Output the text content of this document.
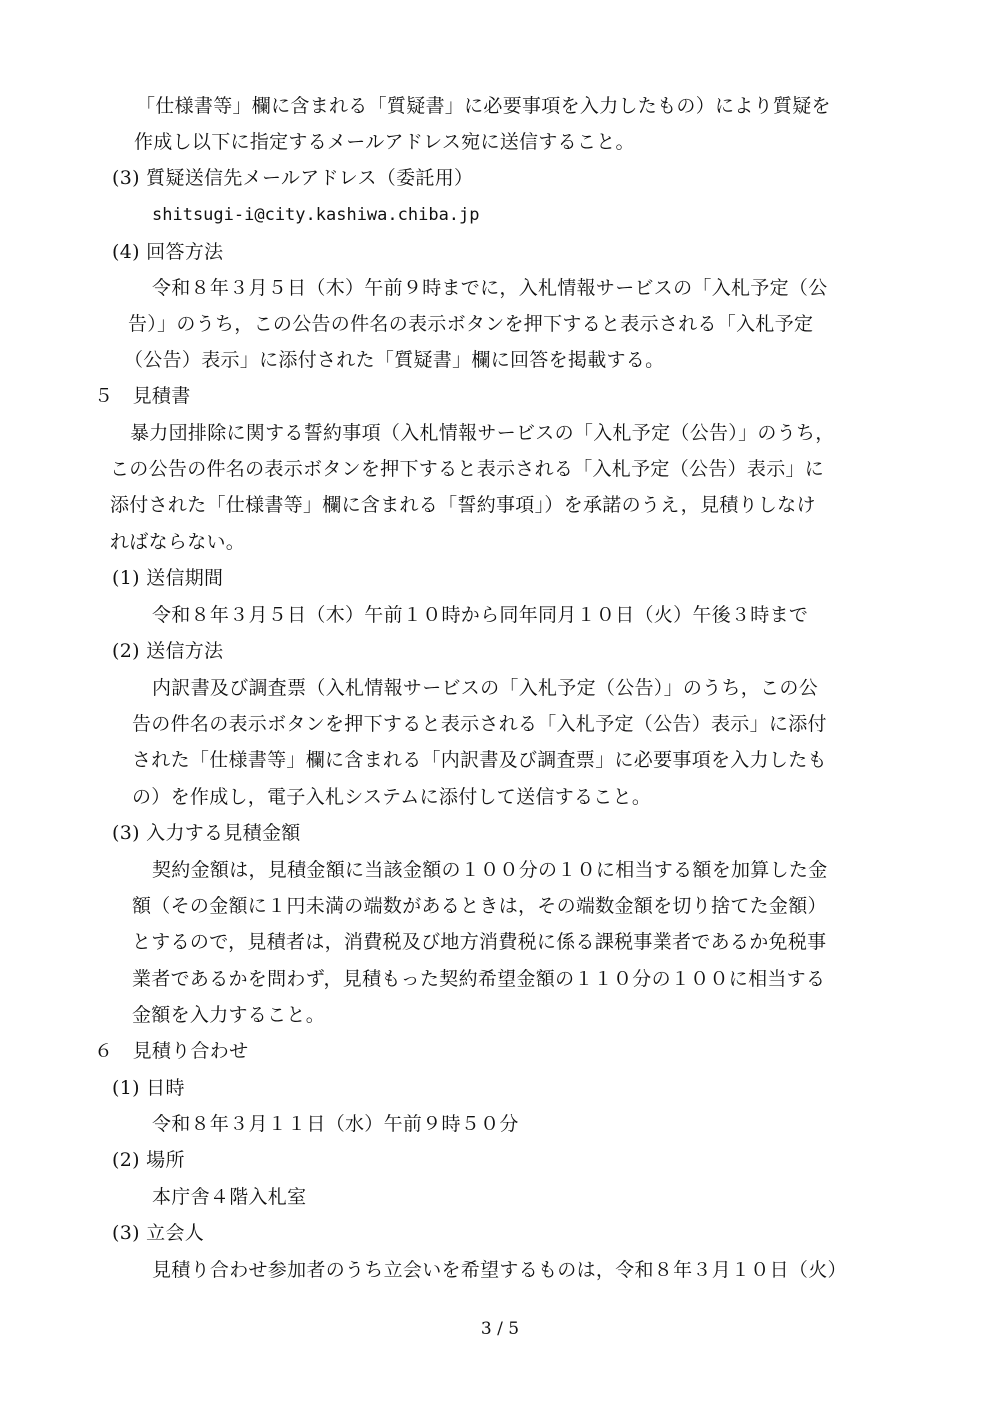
「仕様書等」欄に含まれる「質疑書」に必要事項を入力したもの）により質疑を
作成し以下に指定するメールアドレス宛に送信すること。
(3) 質疑送信先メールアドレス（委託用）
shitsugi-i@city.kashiwa.chiba.jp
(4) 回答方法
令和８年３月５日（木）午前９時までに，入札情報サービスの「入札予定（公
告）」のうち，この公告の件名の表示ボタンを押下すると表示される「入札予定
（公告）表示」に添付された「質疑書」欄に回答を掲載する。
５　見積書
暴力団排除に関する誓約事項（入札情報サービスの「入札予定（公告）」のうち，
この公告の件名の表示ボタンを押下すると表示される「入札予定（公告）表示」に
添付された「仕様書等」欄に含まれる「誓約事項」）を承諾のうえ，見積りしなけ
ればならない。
(1) 送信期間
令和８年３月５日（木）午前１０時から同年同月１０日（火）午後３時まで
(2) 送信方法
内訳書及び調査票（入札情報サービスの「入札予定（公告）」のうち，この公
告の件名の表示ボタンを押下すると表示される「入札予定（公告）表示」に添付
された「仕様書等」欄に含まれる「内訳書及び調査票」に必要事項を入力したも
の）を作成し，電子入札システムに添付して送信すること。
(3) 入力する見積金額
契約金額は，見積金額に当該金額の１００分の１０に相当する額を加算した金
額（その金額に１円未満の端数があるときは，その端数金額を切り捨てた金額）
とするので，見積者は，消費税及び地方消費税に係る課税事業者であるか免税事
業者であるかを問わず，見積もった契約希望金額の１１０分の１００に相当する
金額を入力すること。
６　見積り合わせ
(1) 日時
令和８年３月１１日（水）午前９時５０分
(2) 場所
本庁舎４階入札室
(3) 立会人
見積り合わせ参加者のうち立会いを希望するものは，令和８年３月１０日（火）
3 / 5
